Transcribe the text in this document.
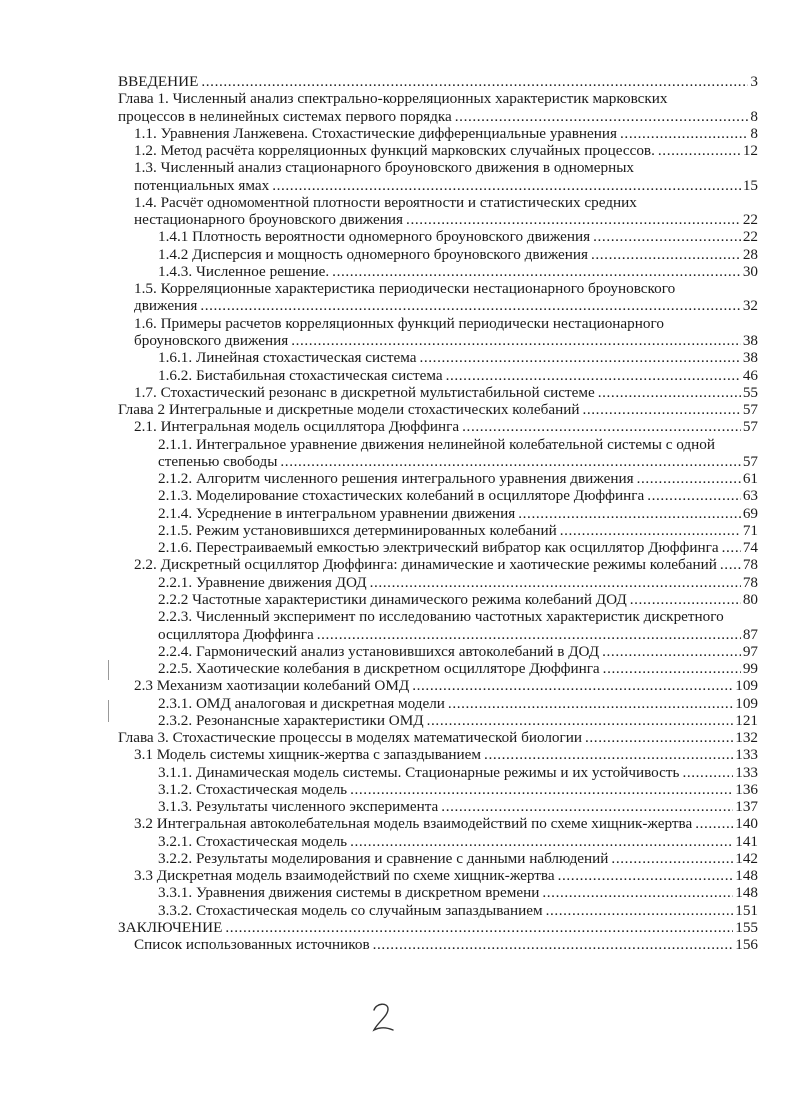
ВВЕДЕНИЕ .....	3
Глава 1. Численный анализ спектрально-корреляционных характеристик марковских процессов в нелинейных системах первого порядка .....	8
1.1. Уравнения Ланжевена. Стохастические дифференциальные уравнения .....	8
1.2. Метод расчёта корреляционных функций марковских случайных процессов. .....	12
1.3. Численный анализ стационарного броуновского движения в одномерных потенциальных ямах .....	15
1.4. Расчёт одномоментной плотности вероятности и статистических средних нестационарного броуновского движения .....	22
1.4.1 Плотность вероятности одномерного броуновского движения .....	22
1.4.2 Дисперсия и мощность одномерного броуновского движения .....	28
1.4.3. Численное решение. .....	30
1.5. Корреляционные характеристика периодически нестационарного броуновского движения .....	32
1.6. Примеры расчетов корреляционных функций периодически нестационарного броуновского движения .....	38
1.6.1. Линейная стохастическая система .....	38
1.6.2. Бистабильная стохастическая система .....	46
1.7. Стохастический резонанс в дискретной мультистабильной системе .....	55
Глава 2 Интегральные и дискретные модели стохастических колебаний .....	57
2.1. Интегральная модель осциллятора Дюффинга .....	57
2.1.1. Интегральное уравнение движения нелинейной колебательной системы с одной степенью свободы .....	57
2.1.2. Алгоритм численного решения интегрального уравнения движения .....	61
2.1.3. Моделирование стохастических колебаний в осцилляторе Дюффинга .....	63
2.1.4. Усреднение в интегральном уравнении движения .....	69
2.1.5. Режим установившихся детерминированных колебаний .....	71
2.1.6. Перестраиваемый емкостью электрический вибратор как осциллятор Дюффинга ..... 74
2.2. Дискретный осциллятор Дюффинга: динамические и хаотические режимы колебаний ..... 78
2.2.1. Уравнение движения ДОД .....	78
2.2.2 Частотные характеристики динамического режима колебаний ДОД .....	80
2.2.3. Численный эксперимент по исследованию частотных характеристик дискретного осциллятора Дюффинга .....	87
2.2.4. Гармонический анализ установившихся автоколебаний в ДОД .....	97
2.2.5. Хаотические колебания в дискретном осцилляторе Дюффинга .....	99
2.3 Механизм хаотизации колебаний ОМД .....	109
2.3.1. ОМД аналоговая и дискретная модели .....	109
2.3.2. Резонансные характеристики ОМД .....	121
Глава 3. Стохастические процессы в моделях математической биологии .....	132
3.1 Модель системы хищник-жертва с запаздыванием .....	133
3.1.1. Динамическая модель системы. Стационарные режимы и их устойчивость .....	133
3.1.2. Стохастическая модель .....	136
3.1.3. Результаты численного эксперимента .....	137
3.2 Интегральная автоколебательная модель взаимодействий по схеме хищник-жертва .....	140
3.2.1. Стохастическая модель .....	141
3.2.2. Результаты моделирования и сравнение с данными наблюдений .....	142
3.3 Дискретная модель взаимодействий по схеме хищник-жертва .....	148
3.3.1. Уравнения движения системы в дискретном времени .....	148
3.3.2. Стохастическая модель со случайным запаздыванием .....	151
ЗАКЛЮЧЕНИЕ .....	155
Список использованных источников .....	156
